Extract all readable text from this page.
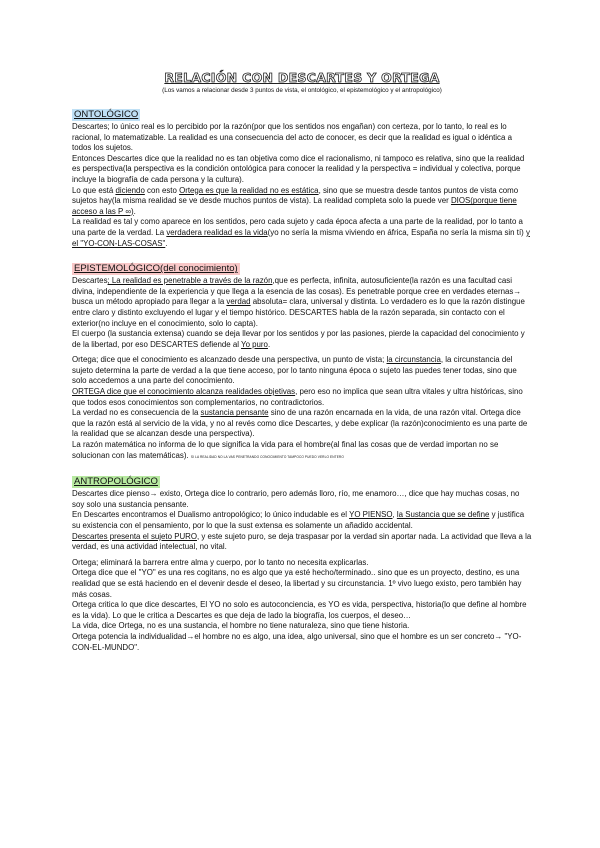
RELACIÓN CON DESCARTES Y ORTEGA
(Los vamos a relacionar desde 3 puntos de vista, el ontológico, el epistemológico y el antropológico)
ONTOLÓGICO

Descartes; lo único real es lo percibido por la razón(por que los sentidos nos engañan) con certeza, por lo tanto, lo real es lo racional, lo matematizable. La realidad es una consecuencia del acto de conocer, es decir que la realidad es igual o idéntica a todos los sujetos.

Entonces Descartes dice que la realidad no es tan objetiva como dice el racionalismo, ni tampoco es relativa, sino que la realidad es perspectiva(la perspectiva es la condición ontológica para conocer la realidad y la perspectiva = individual y colectiva, porque incluye la biografía de cada persona y la cultura).

Lo que está diciendo con esto Ortega es que la realidad no es estática, sino que se muestra desde tantos puntos de vista como sujetos hay(la misma realidad se ve desde muchos puntos de vista). La realidad completa solo la puede ver DIOS(porque tiene acceso a las P ∞).

La realidad es tal y como aparece en los sentidos, pero cada sujeto y cada época afecta a una parte de la realidad, por lo tanto a una parte de la verdad. La verdadera realidad es la vida(yo no sería la misma viviendo en áfrica, España no sería la misma sin tí) y el "YO-CON-LAS-COSAS".

EPISTEMOLÓGICO(del conocimiento)

Descartes; La realidad es penetrable a través de la razón,que es perfecta, infinita, autosuficiente(la razón es una facultad casi divina, independiente de la experiencia y que llega a la esencia de las cosas). Es penetrable porque cree en verdades eternas→ busca un método apropiado para llegar a la verdad absoluta= clara, universal y distinta. Lo verdadero es lo que la razón distingue entre claro y distinto excluyendo el lugar y el tiempo histórico. DESCARTES habla de la razón separada, sin contacto con el exterior(no incluye en el conocimiento, solo lo capta).

El cuerpo (la sustancia extensa) cuando se deja llevar por los sentidos y por las pasiones, pierde la capacidad del conocimiento y de la libertad, por eso DESCARTES defiende al Yo puro.

Ortega; dice que el conocimiento es alcanzado desde una perspectiva, un punto de vista; la circunstancia, la circunstancia del sujeto determina la parte de verdad a la que tiene acceso, por lo tanto ninguna época o sujeto las puedes tener todas, sino que solo accedemos a una parte del conocimiento.

ORTEGA dice que el conocimiento alcanza realidades objetivas, pero eso no implica que sean ultra vitales y ultra históricas, sino que todos esos conocimientos son complementarios, no contradictorios.

La verdad no es consecuencia de la sustancia pensante sino de una razón encarnada en la vida, de una razón vital. Ortega dice que la razón está al servicio de la vida, y no al revés como dice Descartes, y debe explicar (la razón)conocimiento es una parte de la realidad que se alcanzan desde una perspectiva).

La razón matemática no informa de lo que significa la vida para el hombre(al final las cosas que de verdad importan no se solucionan con las matemáticas). SI LA REALIDAD NO LA VAS PENETRANDO CONOCIMIENTO TAMPOCO PUEDO VERLO ENTERO

ANTROPOLÓGICO

Descartes dice pienso→ existo, Ortega dice lo contrario, pero además lloro, río, me enamoro…, dice que hay muchas cosas, no soy solo una sustancia pensante.

En Descartes encontramos el Dualismo antropológico; lo único indudable es el YO PIENSO, la Sustancia que se define y justifica su existencia con el pensamiento, por lo que la sust extensa es solamente un añadido accidental.

Descartes presenta el sujeto PURO, y este sujeto puro, se deja traspasar por la verdad sin aportar nada. La actividad que lleva a la verdad, es una actividad intelectual, no vital.

Ortega; eliminará la barrera entre alma y cuerpo, por lo tanto no necesita explicarlas.

Ortega dice que el "YO" es una res cogitans, no es algo que ya esté hecho/terminado.. sino que es un proyecto, destino, es una realidad que se está haciendo en el devenir desde el deseo, la libertad y su circunstancia. 1º vivo luego existo, pero también hay más cosas.

Ortega critica lo que dice descartes, El YO no solo es autoconciencia, es YO es vida, perspectiva, historia(lo que define al hombre es la vida). Lo que le critica a Descartes es que deja de lado la biografía, los cuerpos, el deseo…

La vida, dice Ortega, no es una sustancia, el hombre no tiene naturaleza, sino que tiene historia.

Ortega potencia la individualidad→el hombre no es algo, una idea, algo universal, sino que el hombre es un ser concreto→ "YO-CON-EL-MUNDO".
